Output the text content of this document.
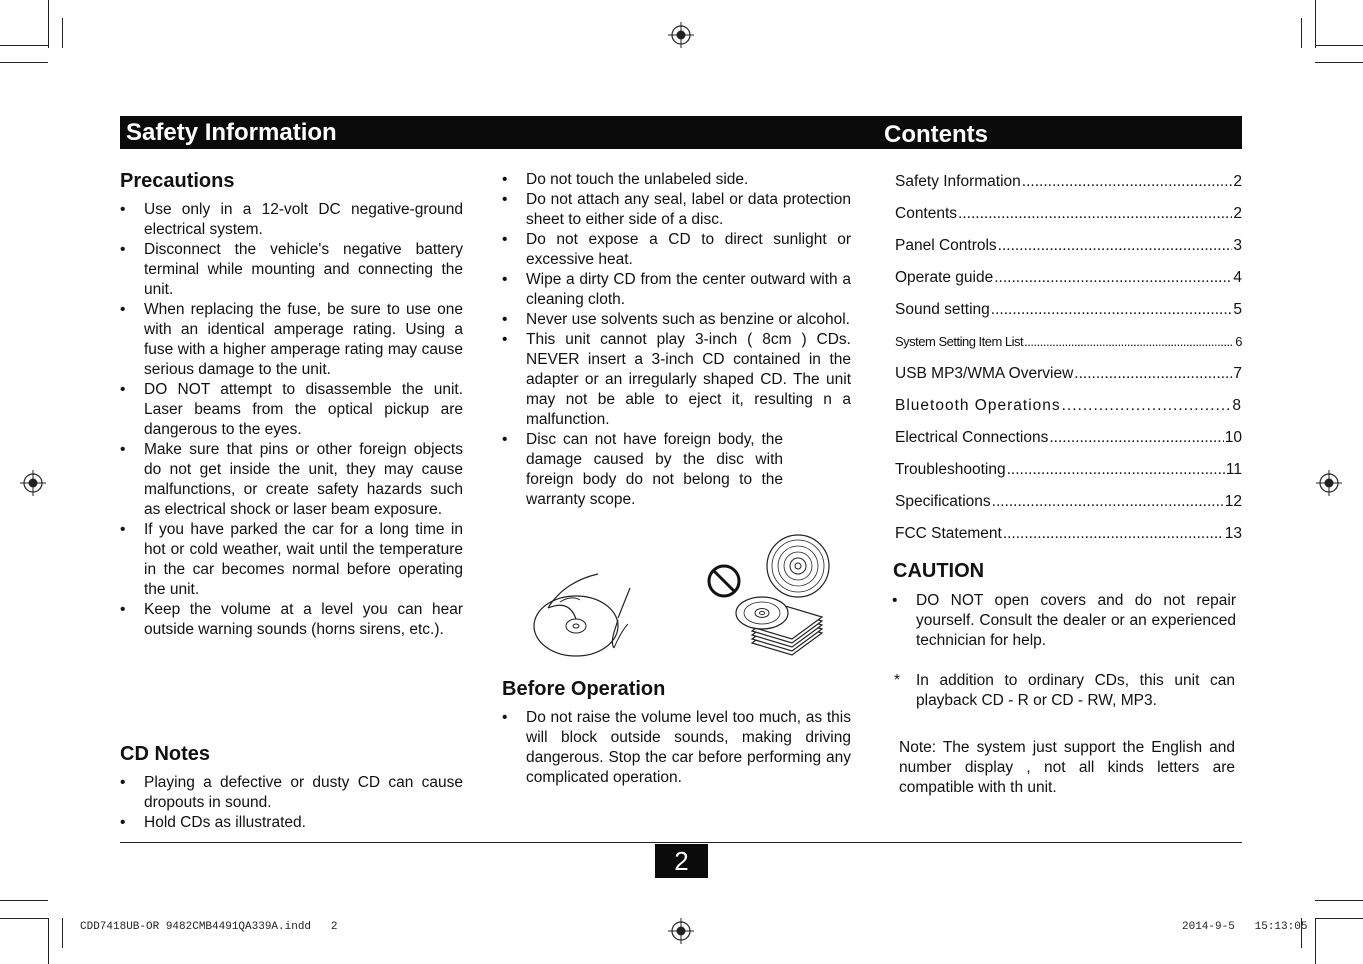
Safety Information	Contents
Precautions
• Use only in a 12-volt DC negative-ground electrical system.
• Disconnect the vehicle's negative battery terminal while mounting and connecting the unit.
• When replacing the fuse, be sure to use one with an identical amperage rating. Using a fuse with a higher amperage rating may cause serious damage to the unit.
• DO NOT attempt to disassemble the unit. Laser beams from the optical pickup are dangerous to the eyes.
• Make sure that pins or other foreign objects do not get inside the unit, they may cause malfunctions, or create safety hazards such as electrical shock or laser beam exposure.
• If you have parked the car for a long time in hot or cold weather, wait until the temperature in the car becomes normal before operating the unit.
• Keep the volume at a level you can hear outside warning sounds (horns sirens, etc.).
CD Notes
• Playing a defective or dusty CD can cause dropouts in sound.
• Hold CDs as illustrated.
• Do not touch the unlabeled side.
• Do not attach any seal, label or data protection sheet to either side of a disc.
• Do not expose a CD to direct sunlight or excessive heat.
• Wipe a dirty CD from the center outward with a cleaning cloth.
• Never use solvents such as benzine or alcohol.
• This unit cannot play 3-inch ( 8cm ) CDs. NEVER insert a 3-inch CD contained in the adapter or an irregularly shaped CD. The unit may not be able to eject it, resulting n a malfunction.
• Disc can not have foreign body, the damage caused by the disc with foreign body do not belong to the warranty scope.
Before Operation
• Do not raise the volume level too much, as this will block outside sounds, making driving dangerous. Stop the car before performing any complicated operation.
Safety Information .....	2
Contents .....	2
Panel Controls .....	3
Operate guide .....	4
Sound setting .....	5
System Setting Item List .....	6
USB MP3/WMA Overview .....	7
Bluetooth Operations .....	8
Electrical Connections .....	10
Troubleshooting .....	11
Specifications .....	12
FCC Statement .....	13
CAUTION
• DO NOT open covers and do not repair yourself. Consult the dealer or an experienced technician for help.
* In addition to ordinary CDs, this unit can playback CD - R or CD - RW, MP3.
Note: The system just support the English and number display , not all kinds letters are compatible with th unit.
2
CDD7418UB-OR 9482CMB4491QA339A.indd   2	2014-9-5   15:13:05
